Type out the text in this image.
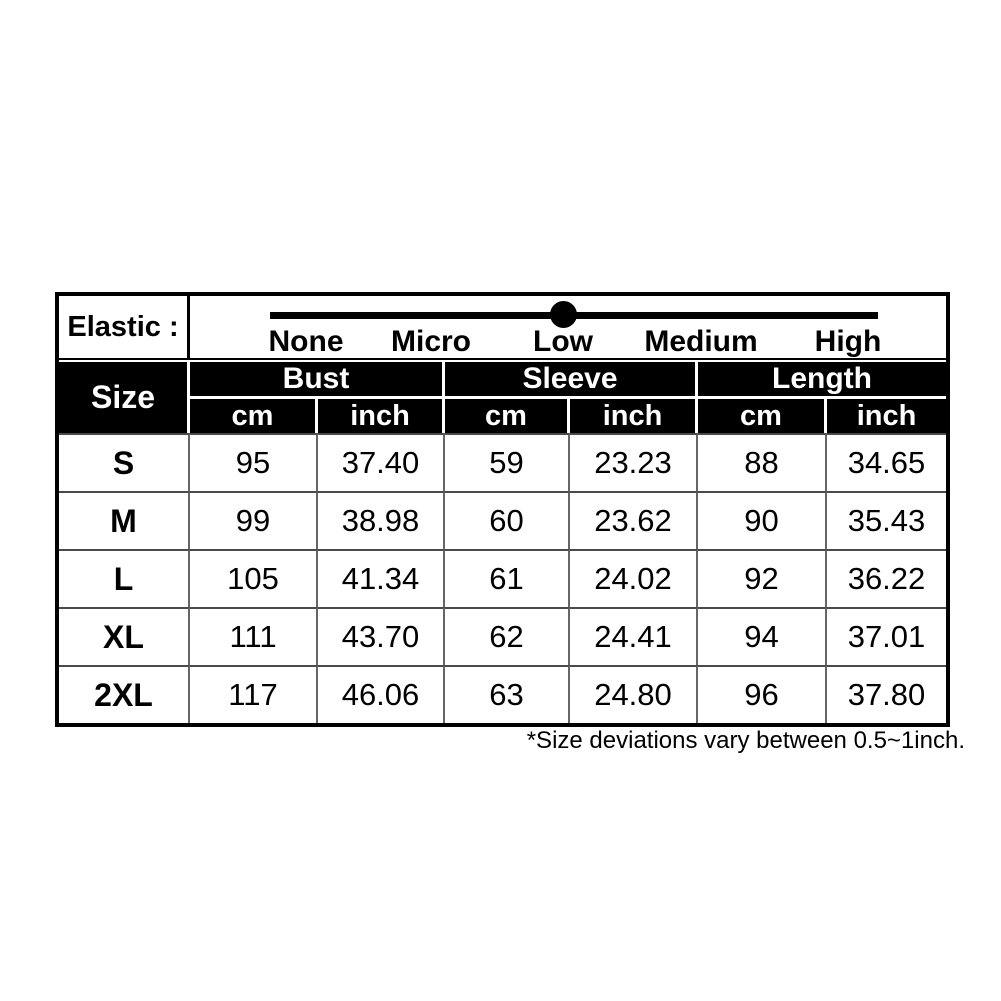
Elastic :	None Micro Low Medium High					

Size	Bust		Sleeve		Length	
	cm	inch	cm	inch	cm	inch
S	95	37.40	59	23.23	88	34.65
M	99	38.98	60	23.62	90	35.43
L	105	41.34	61	24.02	92	36.22
XL	111	43.70	62	24.41	94	37.01
2XL	117	46.06	63	24.80	96	37.80
*Size deviations vary between 0.5~1inch.
